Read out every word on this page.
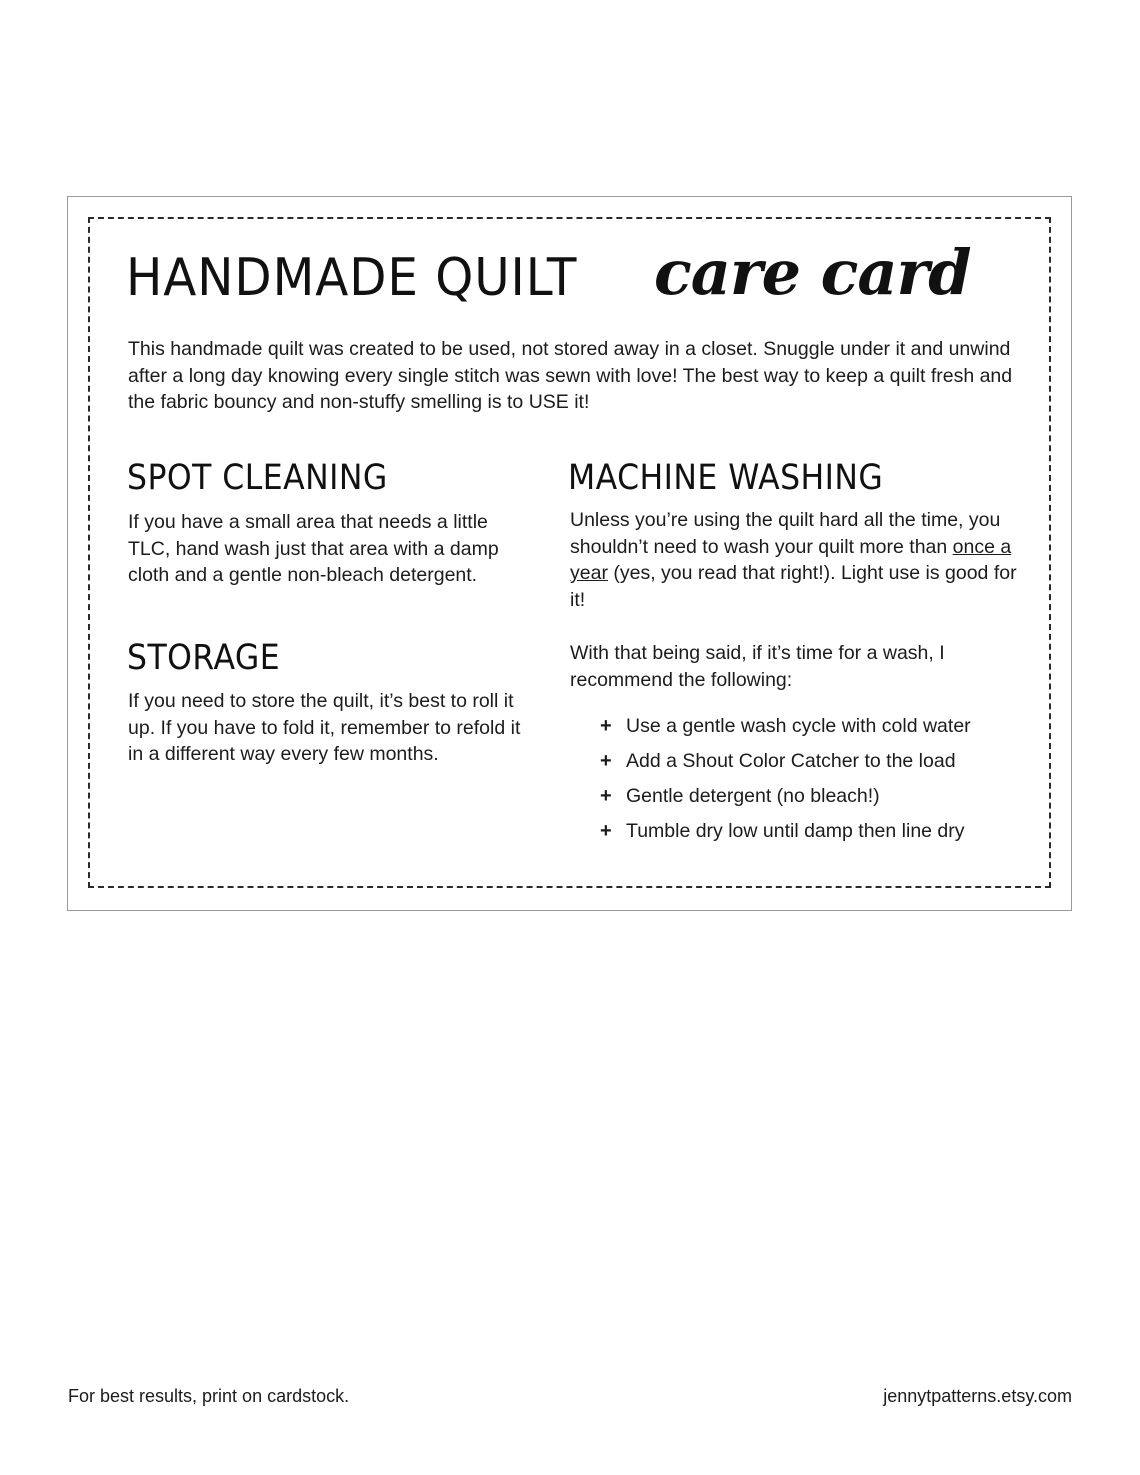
HANDMADE QUILT care card
This handmade quilt was created to be used, not stored away in a closet. Snuggle under it and unwind after a long day knowing every single stitch was sewn with love! The best way to keep a quilt fresh and the fabric bouncy and non-stuffy smelling is to USE it!
SPOT CLEANING
If you have a small area that needs a little TLC, hand wash just that area with a damp cloth and a gentle non-bleach detergent.
STORAGE
If you need to store the quilt, it’s best to roll it up. If you have to fold it, remember to refold it in a different way every few months.
MACHINE WASHING
Unless you’re using the quilt hard all the time, you shouldn’t need to wash your quilt more than once a year (yes, you read that right!). Light use is good for it!
With that being said, if it’s time for a wash, I recommend the following:
+ Use a gentle wash cycle with cold water
+ Add a Shout Color Catcher to the load
+ Gentle detergent (no bleach!)
+ Tumble dry low until damp then line dry
For best results, print on cardstock.	jennytpatterns.etsy.com
